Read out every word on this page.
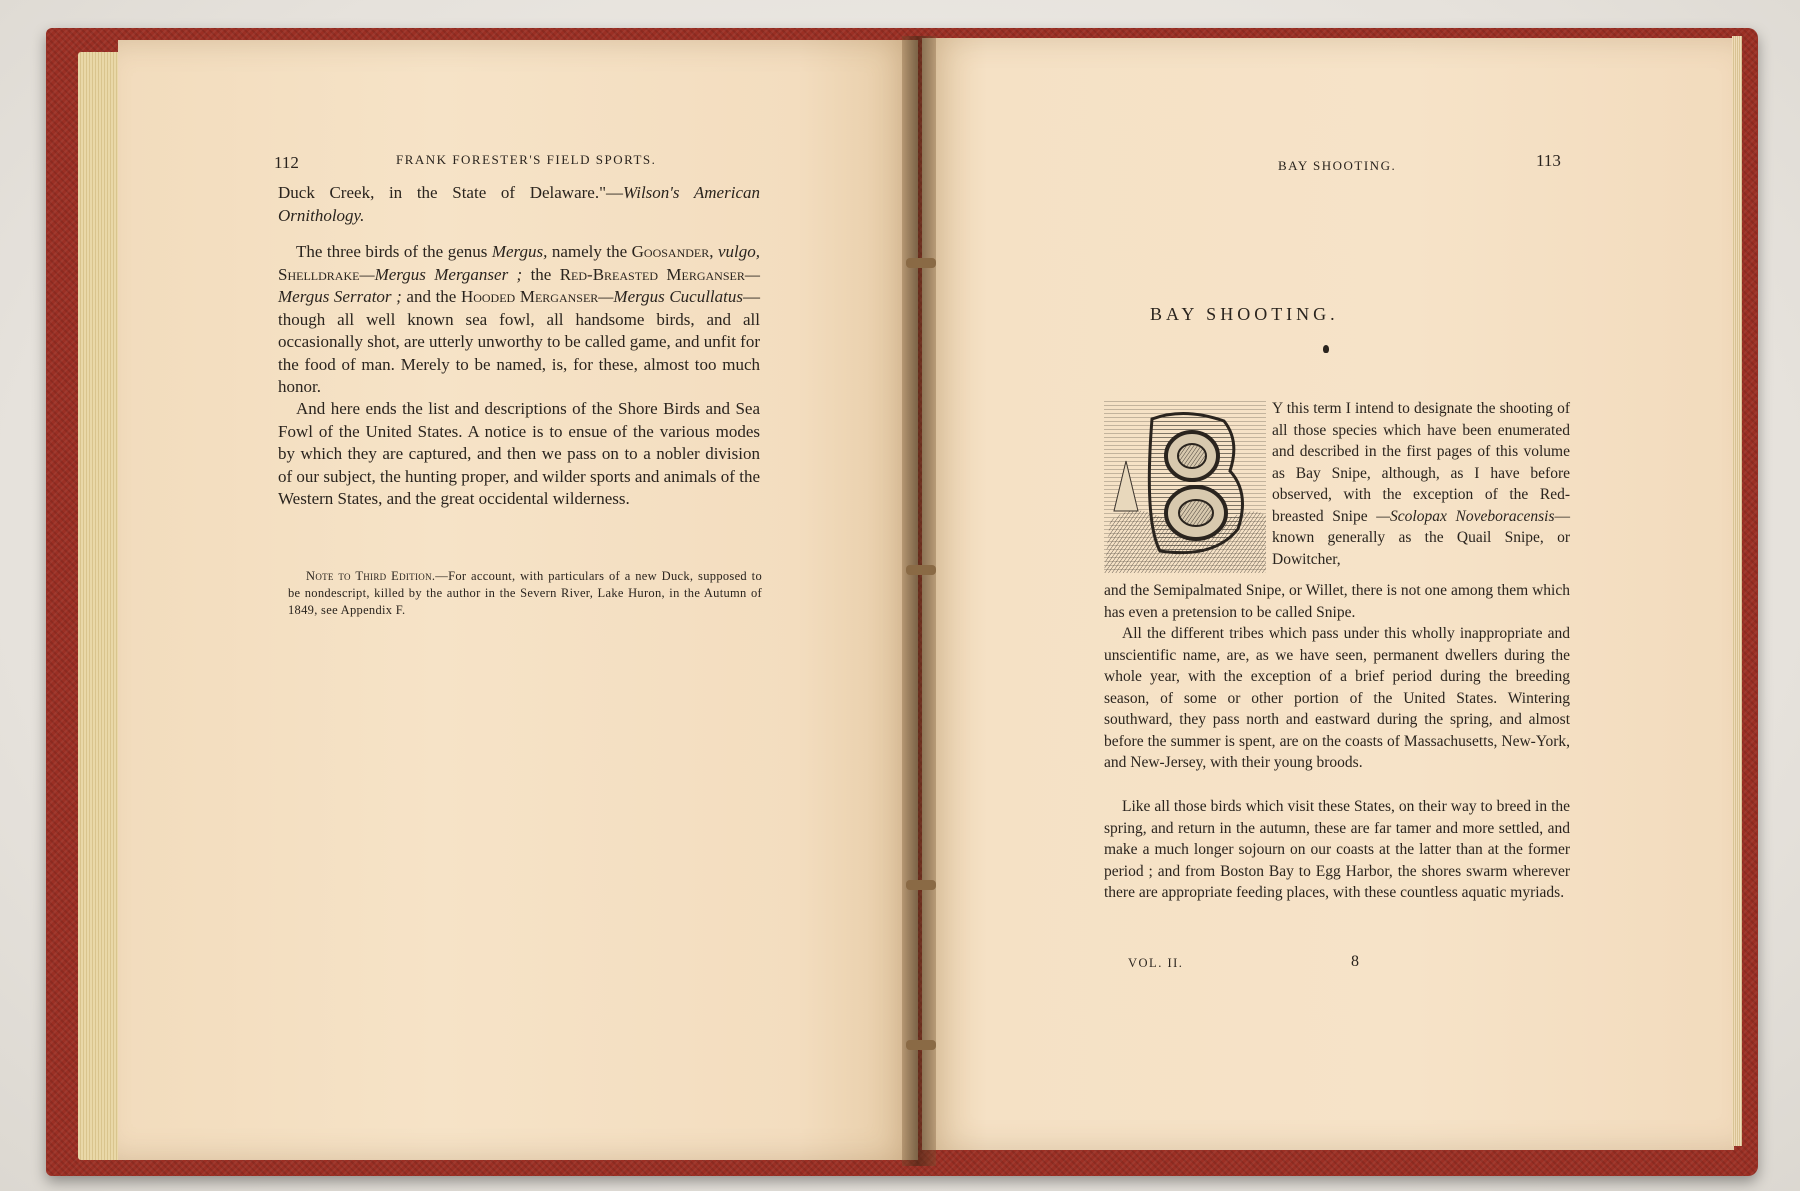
112	FRANK FORESTER'S FIELD SPORTS.
Duck Creek, in the State of Delaware."—Wilson's American Ornithology.
The three birds of the genus Mergus, namely the Goosander, vulgo, Shelldrake—Mergus Merganser ; the Red-Breasted Merganser—Mergus Serrator ; and the Hooded Merganser—Mergus Cucullatus—though all well known sea fowl, all handsome birds, and all occasionally shot, are utterly unworthy to be called game, and unfit for the food of man. Merely to be named, is, for these, almost too much honor.
And here ends the list and descriptions of the Shore Birds and Sea Fowl of the United States. A notice is to ensue of the various modes by which they are captured, and then we pass on to a nobler division of our subject, the hunting proper, and wilder sports and animals of the Western States, and the great occidental wilderness.
Note to Third Edition.—For account, with particulars of a new Duck, supposed to be nondescript, killed by the author in the Severn River, Lake Huron, in the Autumn of 1849, see Appendix F.
BAY SHOOTING.	113
BAY SHOOTING.
Y this term I intend to designate the shooting of all those species which have been enumerated and described in the first pages of this volume as Bay Snipe, although, as I have before observed, with the exception of the Red-breasted Snipe —Scolopax Noveboracensis—known generally as the Quail Snipe, or Dowitcher,
and the Semipalmated Snipe, or Willet, there is not one among them which has even a pretension to be called Snipe.
All the different tribes which pass under this wholly inappropriate and unscientific name, are, as we have seen, permanent dwellers during the whole year, with the exception of a brief period during the breeding season, of some or other portion of the United States. Wintering southward, they pass north and eastward during the spring, and almost before the summer is spent, are on the coasts of Massachusetts, New-York, and New-Jersey, with their young broods.
Like all those birds which visit these States, on their way to breed in the spring, and return in the autumn, these are far tamer and more settled, and make a much longer sojourn on our coasts at the latter than at the former period ; and from Boston Bay to Egg Harbor, the shores swarm wherever there are appropriate feeding places, with these countless aquatic myriads.
VOL. II.	8
